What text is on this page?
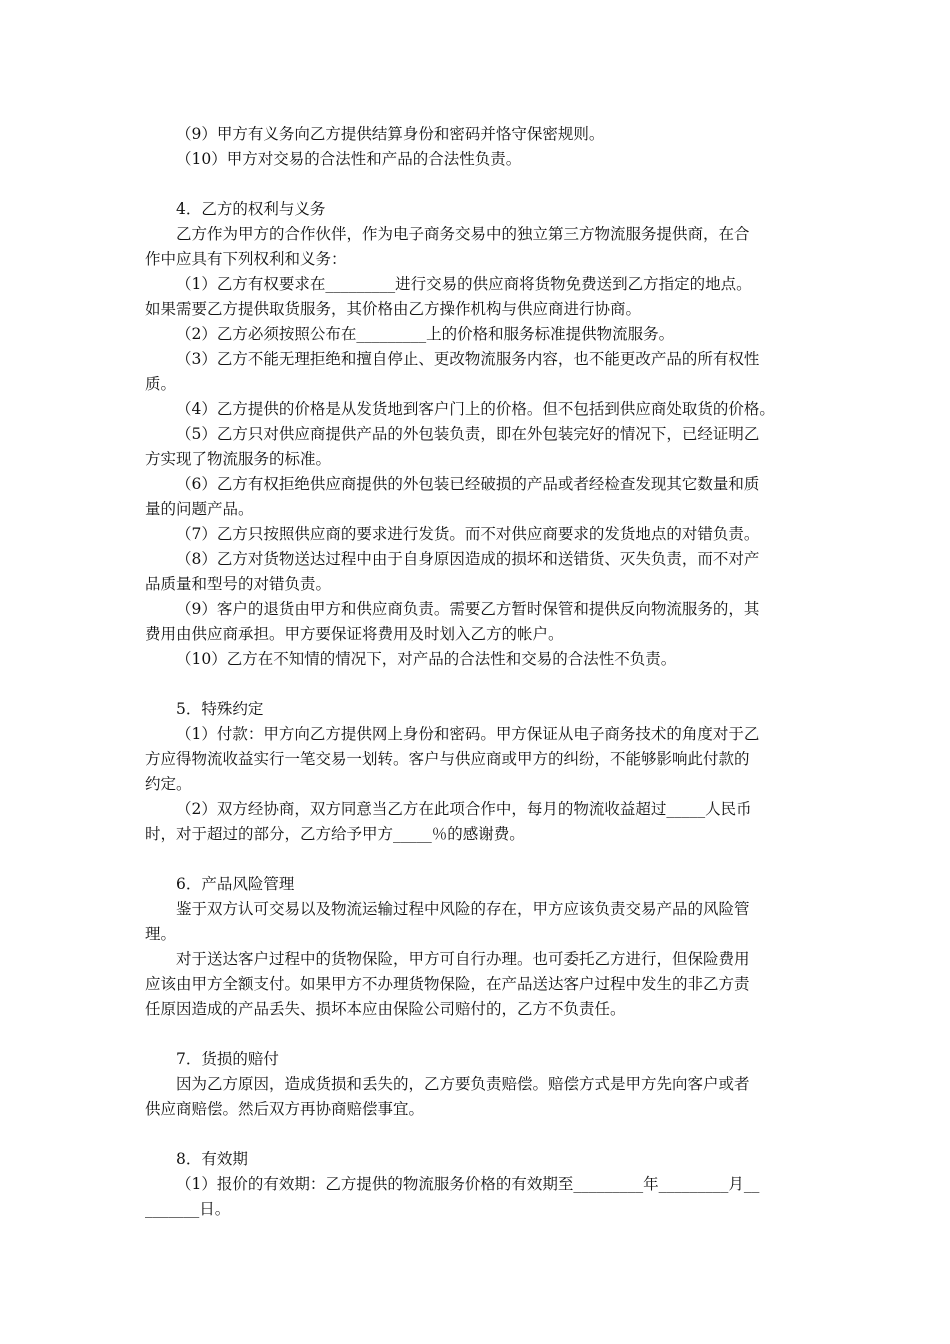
（9）甲方有义务向乙方提供结算身份和密码并恪守保密规则。
（10）甲方对交易的合法性和产品的合法性负责。
4．乙方的权利与义务
乙方作为甲方的合作伙伴，作为电子商务交易中的独立第三方物流服务提供商，在合
作中应具有下列权利和义务：
（1）乙方有权要求在_________进行交易的供应商将货物免费送到乙方指定的地点。
如果需要乙方提供取货服务，其价格由乙方操作机构与供应商进行协商。
（2）乙方必须按照公布在_________上的价格和服务标准提供物流服务。
（3）乙方不能无理拒绝和擅自停止、更改物流服务内容，也不能更改产品的所有权性
质。
（4）乙方提供的价格是从发货地到客户门上的价格。但不包括到供应商处取货的价格。
（5）乙方只对供应商提供产品的外包装负责，即在外包装完好的情况下，已经证明乙
方实现了物流服务的标准。
（6）乙方有权拒绝供应商提供的外包装已经破损的产品或者经检查发现其它数量和质
量的问题产品。
（7）乙方只按照供应商的要求进行发货。而不对供应商要求的发货地点的对错负责。
（8）乙方对货物送达过程中由于自身原因造成的损坏和送错货、灭失负责，而不对产
品质量和型号的对错负责。
（9）客户的退货由甲方和供应商负责。需要乙方暂时保管和提供反向物流服务的，其
费用由供应商承担。甲方要保证将费用及时划入乙方的帐户。
（10）乙方在不知情的情况下，对产品的合法性和交易的合法性不负责。
5．特殊约定
（1）付款：甲方向乙方提供网上身份和密码。甲方保证从电子商务技术的角度对于乙
方应得物流收益实行一笔交易一划转。客户与供应商或甲方的纠纷，不能够影响此付款的
约定。
（2）双方经协商，双方同意当乙方在此项合作中，每月的物流收益超过_____人民币
时，对于超过的部分，乙方给予甲方_____％的感谢费。
6．产品风险管理
鉴于双方认可交易以及物流运输过程中风险的存在，甲方应该负责交易产品的风险管
理。
对于送达客户过程中的货物保险，甲方可自行办理。也可委托乙方进行，但保险费用
应该由甲方全额支付。如果甲方不办理货物保险，在产品送达客户过程中发生的非乙方责
任原因造成的产品丢失、损坏本应由保险公司赔付的，乙方不负责任。
7．货损的赔付
因为乙方原因，造成货损和丢失的，乙方要负责赔偿。赔偿方式是甲方先向客户或者
供应商赔偿。然后双方再协商赔偿事宜。
8．有效期
（1）报价的有效期：乙方提供的物流服务价格的有效期至_________年_________月__
_______日。
